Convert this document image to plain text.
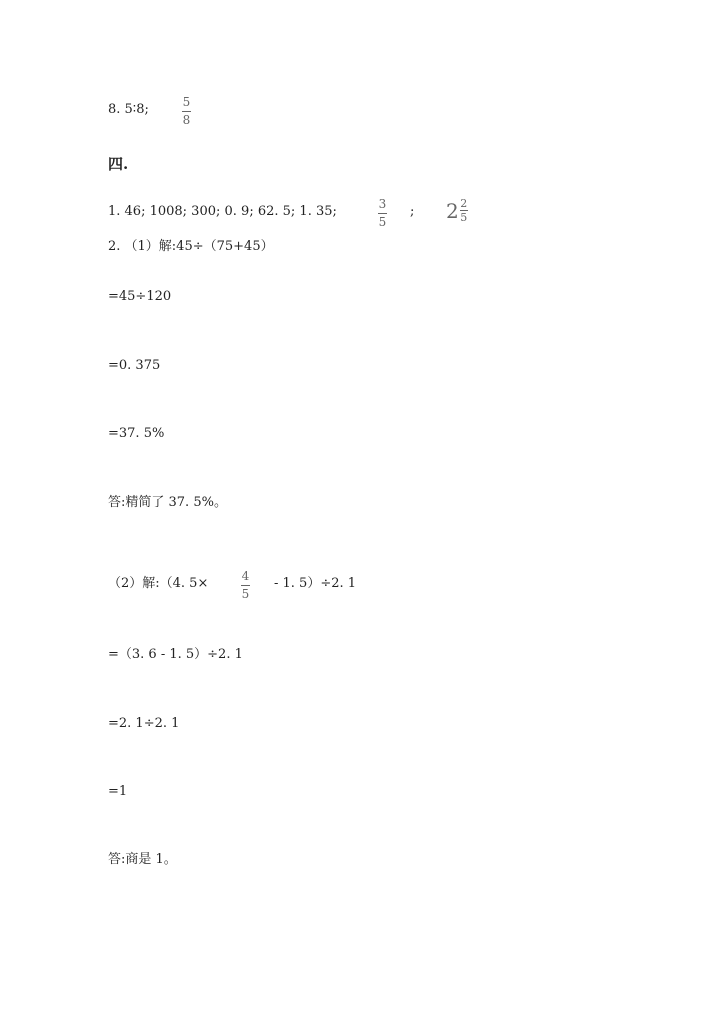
8. 5∶8;	5
8
四.
1. 46; 1008; 300; 0. 9; 62. 5; 1. 35;	3
5
; $2 \frac{2}{5}$
2. （1）解:45÷（75+45）
=45÷120
=0. 375
=37. 5%
答:精简了 37. 5%。
（2）解:（4. 5×	4
5
- 1. 5）÷2. 1
=（3. 6 - 1. 5）÷2. 1
=2. 1÷2. 1
=1
答:商是 1。
